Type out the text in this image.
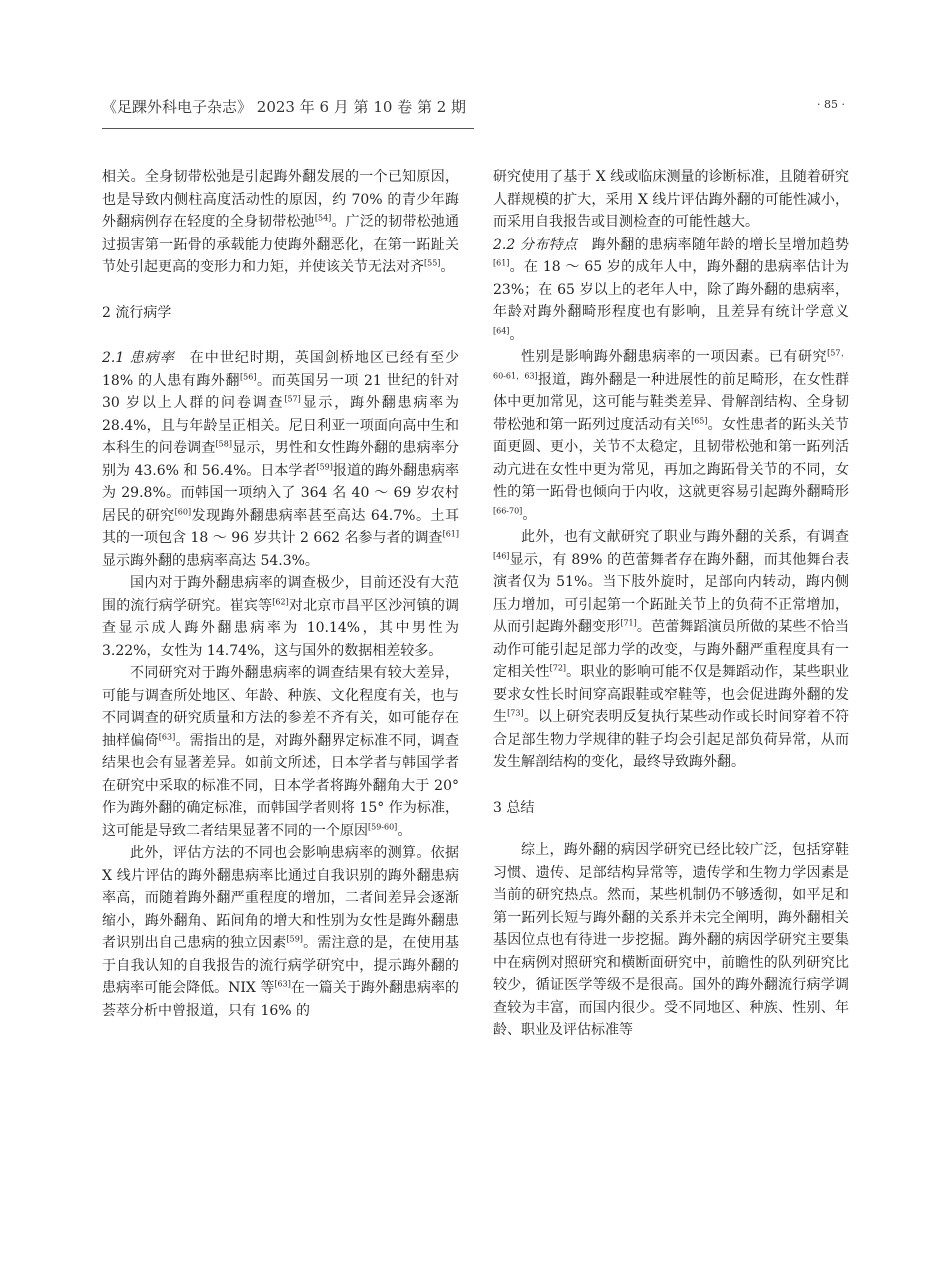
《足踝外科电子杂志》 2023 年 6 月 第 10 卷 第 2 期	· 85 ·

相关。全身韧带松弛是引起踇外翻发展的一个已知原因，也是导致内侧柱高度活动性的原因，约 70% 的青少年踇外翻病例存在轻度的全身韧带松弛[54]。广泛的韧带松弛通过损害第一跖骨的承载能力使踇外翻恶化，在第一跖趾关节处引起更高的变形力和力矩，并使该关节无法对齐[55]。

2 流行病学

2.1 患病率　 在中世纪时期，英国剑桥地区已经有至少 18% 的人患有踇外翻[56]。而英国另一项 21 世纪的针对 30 岁以上人群的问卷调查[57]显示，踇外翻患病率为 28.4%，且与年龄呈正相关。尼日利亚一项面向高中生和本科生的问卷调查[58]显示，男性和女性踇外翻的患病率分别为 43.6% 和 56.4%。日本学者[59]报道的踇外翻患病率为 29.8%。而韩国一项纳入了 364 名 40 ～ 69 岁农村居民的研究[60]发现踇外翻患病率甚至高达 64.7%。土耳其的一项包含 18 ～ 96 岁共计 2 662 名参与者的调查[61]显示踇外翻的患病率高达 54.3%。

国内对于踇外翻患病率的调查极少，目前还没有大范围的流行病学研究。崔宾等[62]对北京市昌平区沙河镇的调查显示成人踇外翻患病率为 10.14%，其中男性为 3.22%，女性为 14.74%，这与国外的数据相差较多。

不同研究对于踇外翻患病率的调查结果有较大差异，可能与调查所处地区、年龄、种族、文化程度有关，也与不同调查的研究质量和方法的参差不齐有关，如可能存在抽样偏倚[63]。需指出的是，对踇外翻界定标准不同，调查结果也会有显著差异。如前文所述，日本学者与韩国学者在研究中采取的标准不同，日本学者将踇外翻角大于 20° 作为踇外翻的确定标准，而韩国学者则将 15° 作为标准，这可能是导致二者结果显著不同的一个原因[59-60]。

此外，评估方法的不同也会影响患病率的测算。依据 X 线片评估的踇外翻患病率比通过自我识别的踇外翻患病率高，而随着踇外翻严重程度的增加，二者间差异会逐渐缩小，踇外翻角、跖间角的增大和性别为女性是踇外翻患者识别出自己患病的独立因素[59]。需注意的是，在使用基于自我认知的自我报告的流行病学研究中，提示踇外翻的患病率可能会降低。NIX 等[63]在一篇关于踇外翻患病率的荟萃分析中曾报道，只有 16% 的

研究使用了基于 X 线或临床测量的诊断标准，且随着研究人群规模的扩大，采用 X 线片评估踇外翻的可能性减小，而采用自我报告或目测检查的可能性越大。

2.2 分布特点　 踇外翻的患病率随年龄的增长呈增加趋势[61]。在 18 ～ 65 岁的成年人中，踇外翻的患病率估计为 23%；在 65 岁以上的老年人中，除了踇外翻的患病率，年龄对踇外翻畸形程度也有影响，且差异有统计学意义[64]。

性别是影响踇外翻患病率的一项因素。已有研究[57，60-61，63]报道，踇外翻是一种进展性的前足畸形，在女性群体中更加常见，这可能与鞋类差异、骨解剖结构、全身韧带松弛和第一跖列过度活动有关[65]。女性患者的跖头关节面更圆、更小，关节不太稳定，且韧带松弛和第一跖列活动亢进在女性中更为常见，再加之踇跖骨关节的不同，女性的第一跖骨也倾向于内收，这就更容易引起踇外翻畸形[66-70]。

此外，也有文献研究了职业与踇外翻的关系，有调查[46]显示，有 89% 的芭蕾舞者存在踇外翻，而其他舞台表演者仅为 51%。当下肢外旋时，足部向内转动，踇内侧压力增加，可引起第一个跖趾关节上的负荷不正常增加，从而引起踇外翻变形[71]。芭蕾舞蹈演员所做的某些不恰当动作可能引起足部力学的改变，与踇外翻严重程度具有一定相关性[72]。职业的影响可能不仅是舞蹈动作，某些职业要求女性长时间穿高跟鞋或窄鞋等，也会促进踇外翻的发生[73]。以上研究表明反复执行某些动作或长时间穿着不符合足部生物力学规律的鞋子均会引起足部负荷异常，从而发生解剖结构的变化，最终导致踇外翻。

3 总结

综上，踇外翻的病因学研究已经比较广泛，包括穿鞋习惯、遗传、足部结构异常等，遗传学和生物力学因素是当前的研究热点。然而，某些机制仍不够透彻，如平足和第一跖列长短与踇外翻的关系并未完全阐明，踇外翻相关基因位点也有待进一步挖掘。踇外翻的病因学研究主要集中在病例对照研究和横断面研究中，前瞻性的队列研究比较少，循证医学等级不是很高。国外的踇外翻流行病学调查较为丰富，而国内很少。受不同地区、种族、性别、年龄、职业及评估标准等
